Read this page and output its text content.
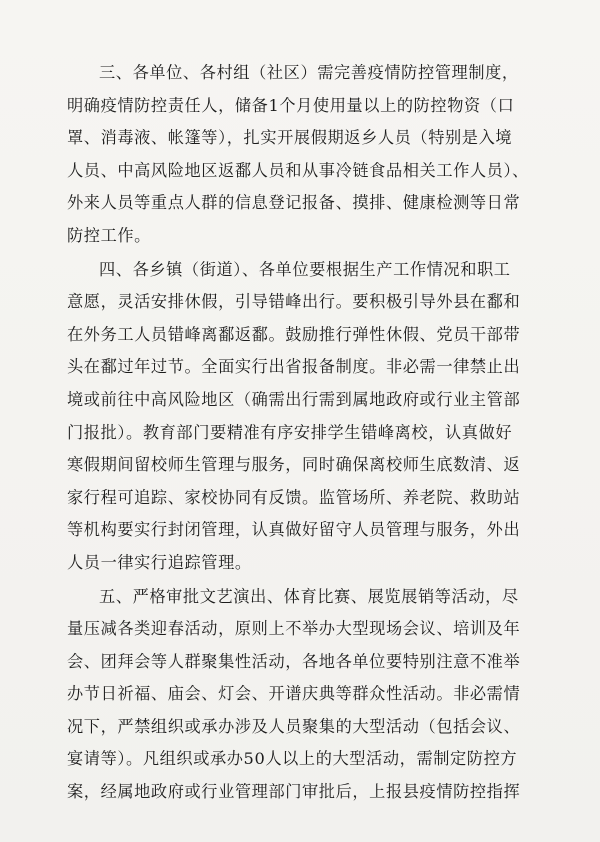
三、各单位、各村组（社区）需完善疫情防控管理制度，
明确疫情防控责任人，储备1个月使用量以上的防控物资（口
罩、消毒液、帐篷等），扎实开展假期返乡人员（特别是入境
人员、中高风险地区返鄱人员和从事冷链食品相关工作人员）、
外来人员等重点人群的信息登记报备、摸排、健康检测等日常
防控工作。
四、各乡镇（街道）、各单位要根据生产工作情况和职工
意愿，灵活安排休假，引导错峰出行。要积极引导外县在鄱和
在外务工人员错峰离鄱返鄱。鼓励推行弹性休假、党员干部带
头在鄱过年过节。全面实行出省报备制度。非必需一律禁止出
境或前往中高风险地区（确需出行需到属地政府或行业主管部
门报批）。教育部门要精准有序安排学生错峰离校，认真做好
寒假期间留校师生管理与服务，同时确保离校师生底数清、返
家行程可追踪、家校协同有反馈。监管场所、养老院、救助站
等机构要实行封闭管理，认真做好留守人员管理与服务，外出
人员一律实行追踪管理。
五、严格审批文艺演出、体育比赛、展览展销等活动，尽
量压减各类迎春活动，原则上不举办大型现场会议、培训及年
会、团拜会等人群聚集性活动，各地各单位要特别注意不准举
办节日祈福、庙会、灯会、开谱庆典等群众性活动。非必需情
况下，严禁组织或承办涉及人员聚集的大型活动（包括会议、
宴请等）。凡组织或承办50人以上的大型活动，需制定防控方
案，经属地政府或行业管理部门审批后，上报县疫情防控指挥
